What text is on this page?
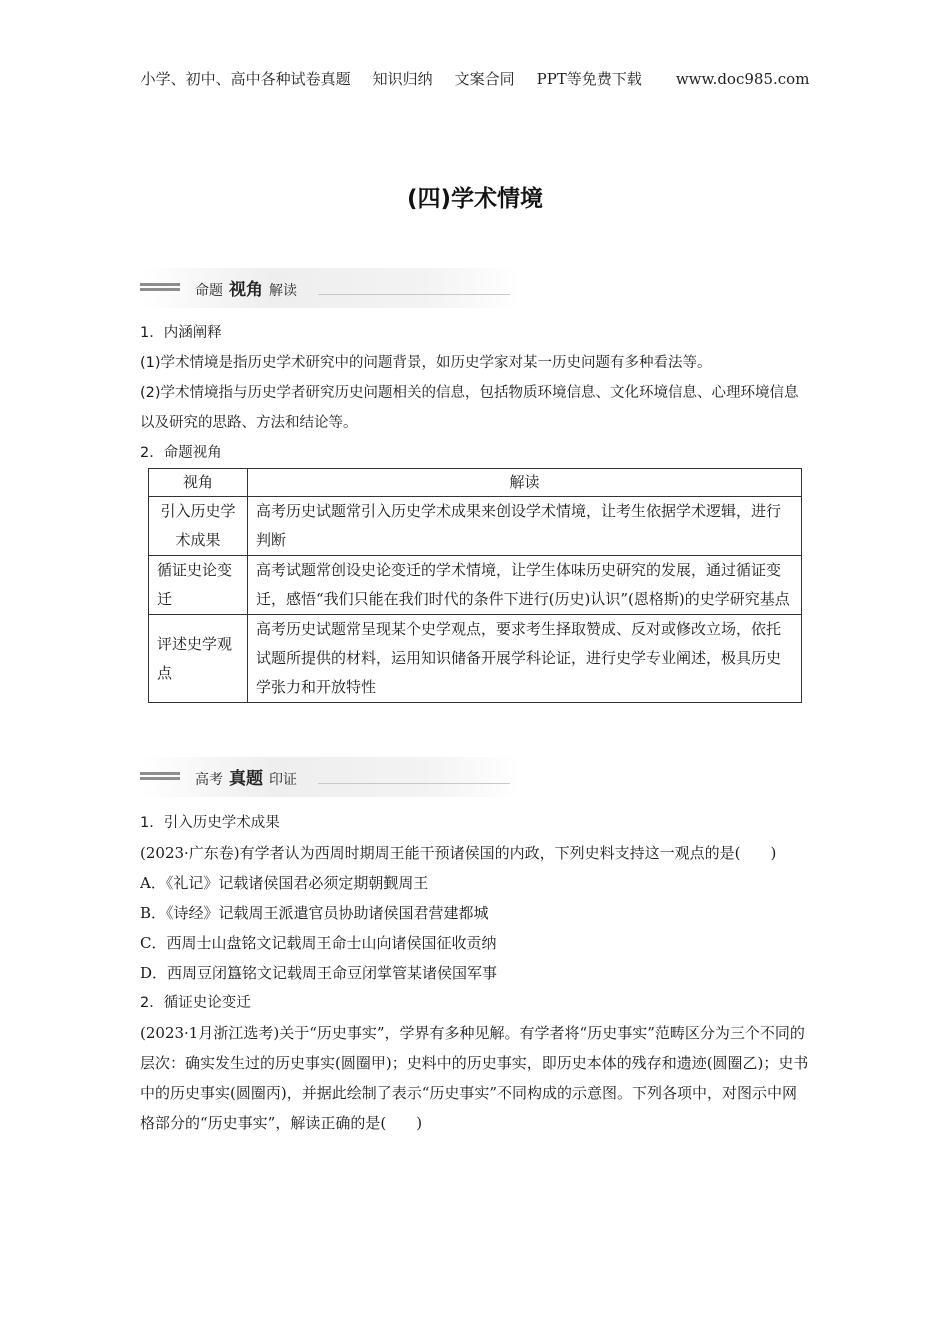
小学、初中、高中各种试卷真题 知识归纳 文案合同 PPT等免费下载 www.doc985.com
(四)学术情境
命题 视角 解读

1．内涵阐释

(1)学术情境是指历史学术研究中的问题背景，如历史学家对某一历史问题有多种看法等。

(2)学术情境指与历史学者研究历史问题相关的信息，包括物质环境信息、文化环境信息、心理环境信息以及研究的思路、方法和结论等。

2．命题视角

视角	解读
引入历史学术成果	高考历史试题常引入历史学术成果来创设学术情境，让考生依据学术逻辑，进行判断
循证史论变迁	高考试题常创设史论变迁的学术情境，让学生体味历史研究的发展，通过循证变迁，感悟“我们只能在我们时代的条件下进行(历史)认识”(恩格斯)的史学研究基点
评述史学观点	高考历史试题常呈现某个史学观点，要求考生择取赞成、反对或修改立场，依托试题所提供的材料，运用知识储备开展学科论证，进行史学专业阐述，极具历史学张力和开放特性
高考 真题 印证

1．引入历史学术成果

(2023·广东卷)有学者认为西周时期周王能干预诸侯国的内政，下列史料支持这一观点的是(　　)

A．《礼记》记载诸侯国君必须定期朝觐周王

B．《诗经》记载周王派遣官员协助诸侯国君营建都城

C．西周士山盘铭文记载周王命士山向诸侯国征收贡纳

D．西周豆闭簋铭文记载周王命豆闭掌管某诸侯国军事

2．循证史论变迁

(2023·1月浙江选考)关于“历史事实”，学界有多种见解。有学者将“历史事实”范畴区分为三个不同的层次：确实发生过的历史事实(圆圈甲)；史料中的历史事实，即历史本体的残存和遗迹(圆圈乙)；史书中的历史事实(圆圈丙)，并据此绘制了表示“历史事实”不同构成的示意图。下列各项中，对图示中网格部分的“历史事实”，解读正确的是(　　)
